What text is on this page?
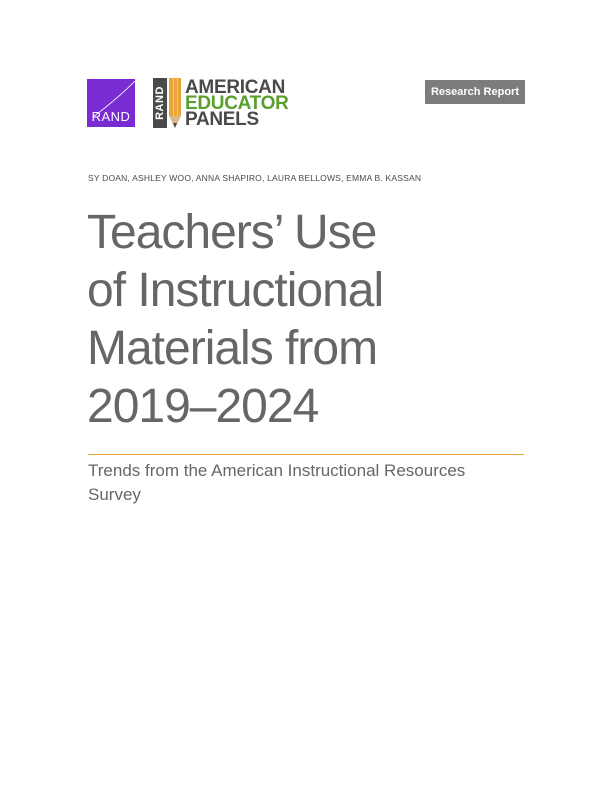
RAND	RAND AMERICAN
EDUCATOR
PANELS
Research Report
SY DOAN, ASHLEY WOO, ANNA SHAPIRO, LAURA BELLOWS, EMMA B. KASSAN
Teachers’ Use
of Instructional
Materials from
2019–2024
Trends from the American Instructional Resources Survey
